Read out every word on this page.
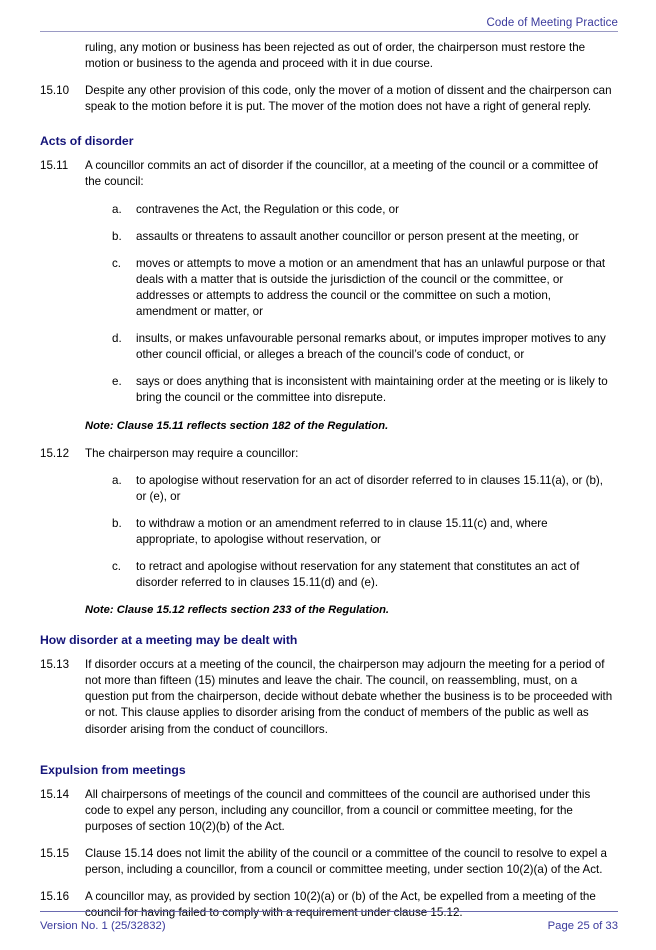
Code of Meeting Practice
ruling, any motion or business has been rejected as out of order, the chairperson must restore the motion or business to the agenda and proceed with it in due course.
15.10	Despite any other provision of this code, only the mover of a motion of dissent and the chairperson can speak to the motion before it is put. The mover of the motion does not have a right of general reply.
Acts of disorder
15.11	A councillor commits an act of disorder if the councillor, at a meeting of the council or a committee of the council:
a.	contravenes the Act, the Regulation or this code, or
b.	assaults or threatens to assault another councillor or person present at the meeting, or
c.	moves or attempts to move a motion or an amendment that has an unlawful purpose or that deals with a matter that is outside the jurisdiction of the council or the committee, or addresses or attempts to address the council or the committee on such a motion, amendment or matter, or
d.	insults, or makes unfavourable personal remarks about, or imputes improper motives to any other council official, or alleges a breach of the council’s code of conduct, or
e.	says or does anything that is inconsistent with maintaining order at the meeting or is likely to bring the council or the committee into disrepute.
Note: Clause 15.11 reflects section 182 of the Regulation.
15.12	The chairperson may require a councillor:
a.	to apologise without reservation for an act of disorder referred to in clauses 15.11(a), or (b), or (e), or
b.	to withdraw a motion or an amendment referred to in clause 15.11(c) and, where appropriate, to apologise without reservation, or
c.	to retract and apologise without reservation for any statement that constitutes an act of disorder referred to in clauses 15.11(d) and (e).
Note: Clause 15.12 reflects section 233 of the Regulation.
How disorder at a meeting may be dealt with
15.13	If disorder occurs at a meeting of the council, the chairperson may adjourn the meeting for a period of not more than fifteen (15) minutes and leave the chair. The council, on reassembling, must, on a question put from the chairperson, decide without debate whether the business is to be proceeded with or not. This clause applies to disorder arising from the conduct of members of the public as well as disorder arising from the conduct of councillors.
Expulsion from meetings
15.14	All chairpersons of meetings of the council and committees of the council are authorised under this code to expel any person, including any councillor, from a council or committee meeting, for the purposes of section 10(2)(b) of the Act.
15.15	Clause 15.14 does not limit the ability of the council or a committee of the council to resolve to expel a person, including a councillor, from a council or committee meeting, under section 10(2)(a) of the Act.
15.16	A councillor may, as provided by section 10(2)(a) or (b) of the Act, be expelled from a meeting of the council for having failed to comply with a requirement under clause 15.12.
Version No. 1 (25/32832)	Page 25 of 33
